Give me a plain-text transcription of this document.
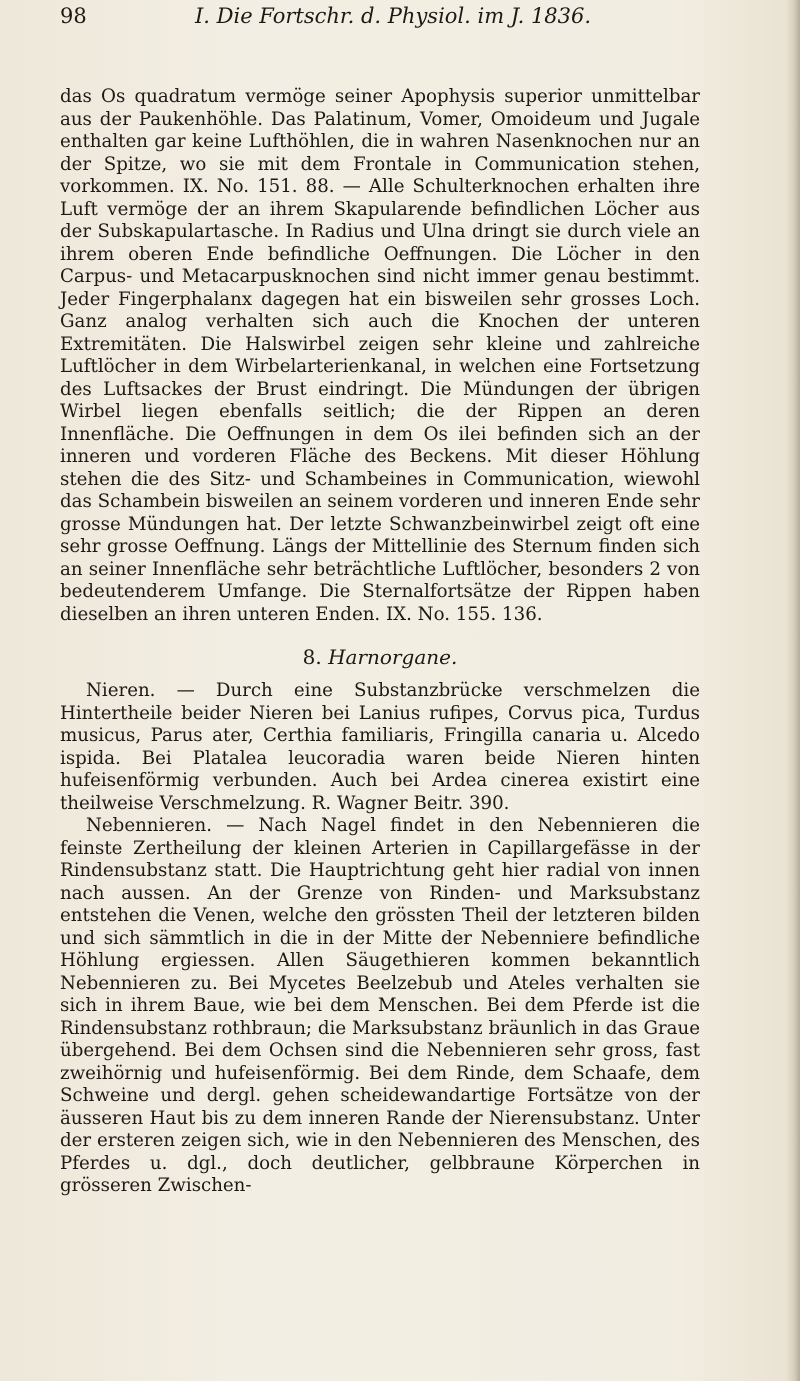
98	I. Die Fortschr. d. Physiol. im J. 1836.

das Os quadratum vermöge seiner Apophysis superior unmittelbar aus der Paukenhöhle. Das Palatinum, Vomer, Omoideum und Jugale enthalten gar keine Lufthöhlen, die in wahren Nasenknochen nur an der Spitze, wo sie mit dem Frontale in Communication stehen, vorkommen. IX. No. 151. 88. — Alle Schulterknochen erhalten ihre Luft vermöge der an ihrem Skapularende befindlichen Löcher aus der Subskapulartasche. In Radius und Ulna dringt sie durch viele an ihrem oberen Ende befindliche Oeffnungen. Die Löcher in den Carpus- und Metacarpusknochen sind nicht immer genau bestimmt. Jeder Fingerphalanx dagegen hat ein bisweilen sehr grosses Loch. Ganz analog verhalten sich auch die Knochen der unteren Extremitäten. Die Halswirbel zeigen sehr kleine und zahlreiche Luftlöcher in dem Wirbelarterienkanal, in welchen eine Fortsetzung des Luftsackes der Brust eindringt. Die Mündungen der übrigen Wirbel liegen ebenfalls seitlich; die der Rippen an deren Innenfläche. Die Oeffnungen in dem Os ilei befinden sich an der inneren und vorderen Fläche des Beckens. Mit dieser Höhlung stehen die des Sitz- und Schambeines in Communication, wiewohl das Schambein bisweilen an seinem vorderen und inneren Ende sehr grosse Mündungen hat. Der letzte Schwanzbeinwirbel zeigt oft eine sehr grosse Oeffnung. Längs der Mittellinie des Sternum finden sich an seiner Innenfläche sehr beträchtliche Luftlöcher, besonders 2 von bedeutenderem Umfange. Die Sternalfortsätze der Rippen haben dieselben an ihren unteren Enden. IX. No. 155. 136.

8. Harnorgane.

Nieren. — Durch eine Substanzbrücke verschmelzen die Hintertheile beider Nieren bei Lanius rufipes, Corvus pica, Turdus musicus, Parus ater, Certhia familiaris, Fringilla canaria u. Alcedo ispida. Bei Platalea leucoradia waren beide Nieren hinten hufeisenförmig verbunden. Auch bei Ardea cinerea existirt eine theilweise Verschmelzung. R. Wagner Beitr. 390.

Nebennieren. — Nach Nagel findet in den Nebennieren die feinste Zertheilung der kleinen Arterien in Capillargefässe in der Rindensubstanz statt. Die Hauptrichtung geht hier radial von innen nach aussen. An der Grenze von Rinden- und Marksubstanz entstehen die Venen, welche den grössten Theil der letzteren bilden und sich sämmtlich in die in der Mitte der Nebenniere befindliche Höhlung ergiessen. Allen Säugethieren kommen bekanntlich Nebennieren zu. Bei Mycetes Beelzebub und Ateles verhalten sie sich in ihrem Baue, wie bei dem Menschen. Bei dem Pferde ist die Rindensubstanz rothbraun; die Marksubstanz bräunlich in das Graue übergehend. Bei dem Ochsen sind die Nebennieren sehr gross, fast zweihörnig und hufeisenförmig. Bei dem Rinde, dem Schaafe, dem Schweine und dergl. gehen scheidewandartige Fortsätze von der äusseren Haut bis zu dem inneren Rande der Nierensubstanz. Unter der ersteren zeigen sich, wie in den Nebennieren des Menschen, des Pferdes u. dgl., doch deutlicher, gelbbraune Körperchen in grösseren Zwischen-
